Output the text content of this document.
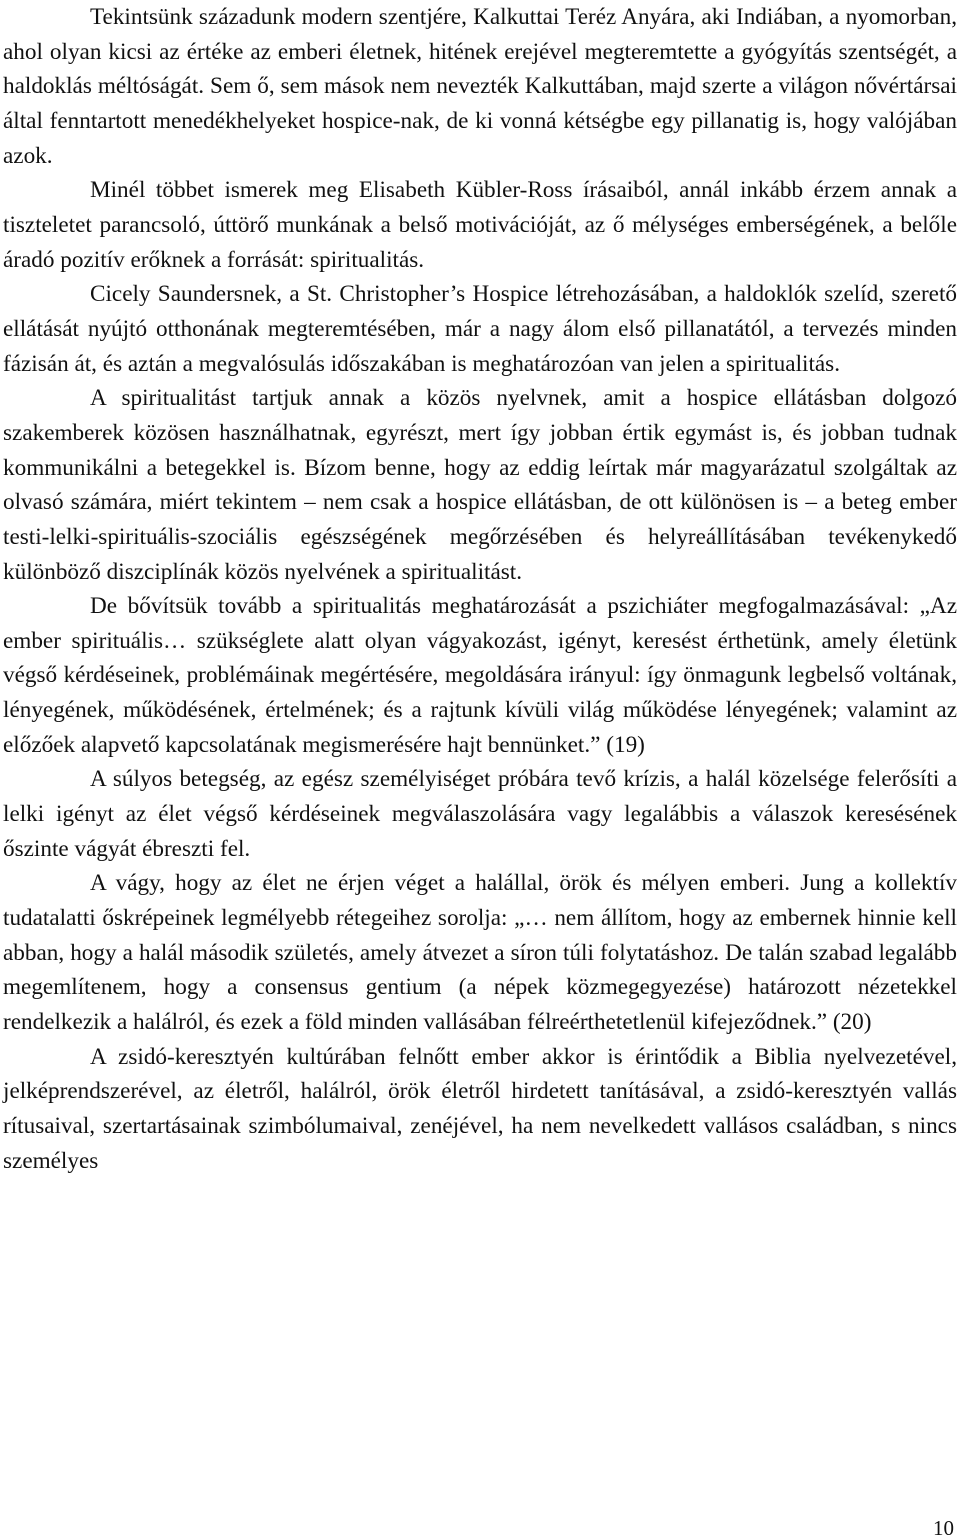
Tekintsünk századunk modern szentjére, Kalkuttai Teréz Anyára, aki Indiában, a nyomorban, ahol olyan kicsi az értéke az emberi életnek, hitének erejével megteremtette a gyógyítás szentségét, a haldoklás méltóságát. Sem ő, sem mások nem nevezték Kalkuttában, majd szerte a világon nővértársai által fenntartott menedékhelyeket hospice-nak, de ki vonná kétségbe egy pillanatig is, hogy valójában azok.

Minél többet ismerek meg Elisabeth Kübler-Ross írásaiból, annál inkább érzem annak a tiszteletet parancsoló, úttörő munkának a belső motivációját, az ő mélységes emberségének, a belőle áradó pozitív erőknek a forrását: spiritualitás.

Cicely Saundersnek, a St. Christopher’s Hospice létrehozásában, a haldoklók szelíd, szerető ellátását nyújtó otthonának megteremtésében, már a nagy álom első pillanatától, a tervezés minden fázisán át, és aztán a megvalósulás időszakában is meghatározóan van jelen a spiritualitás.

A spiritualitást tartjuk annak a közös nyelvnek, amit a hospice ellátásban dolgozó szakemberek közösen használhatnak, egyrészt, mert így jobban értik egymást is, és jobban tudnak kommunikálni a betegekkel is. Bízom benne, hogy az eddig leírtak már magyarázatul szolgáltak az olvasó számára, miért tekintem – nem csak a hospice ellátásban, de ott különösen is – a beteg ember testi-lelki-spirituális-szociális egészségének megőrzésében és helyreállításában tevékenykedő különböző diszciplínák közös nyelvének a spiritualitást.

De bővítsük tovább a spiritualitás meghatározását a pszichiáter megfogalmazásával: „Az ember spirituális… szükséglete alatt olyan vágyakozást, igényt, keresést érthetünk, amely életünk végső kérdéseinek, problémáinak megértésére, megoldására irányul: így önmagunk legbelső voltának, lényegének, működésének, értelmének; és a rajtunk kívüli világ működése lényegének; valamint az előzőek alapvető kapcsolatának megismerésére hajt bennünket.” (19)

A súlyos betegség, az egész személyiséget próbára tevő krízis, a halál közelsége felerősíti a lelki igényt az élet végső kérdéseinek megválaszolására vagy legalábbis a válaszok keresésének őszinte vágyát ébreszti fel.

A vágy, hogy az élet ne érjen véget a halállal, örök és mélyen emberi. Jung a kollektív tudatalatti őskrépeinek legmélyebb rétegeihez sorolja: „… nem állítom, hogy az embernek hinnie kell abban, hogy a halál második születés, amely átvezet a síron túli folytatáshoz. De talán szabad legalább megemlítenem, hogy a consensus gentium (a népek közmegegyezése) határozott nézetekkel rendelkezik a halálról, és ezek a föld minden vallásában félreérthetetlenül kifejeződnek.” (20)

A zsidó-keresztyén kultúrában felnőtt ember akkor is érintődik a Biblia nyelvezetével, jelképrendszerével, az életről, halálról, örök életről hirdetett tanításával, a zsidó-keresztyén vallás rítusaival, szertartásainak szimbólumaival, zenéjével, ha nem nevelkedett vallásos családban, s nincs személyes

10
